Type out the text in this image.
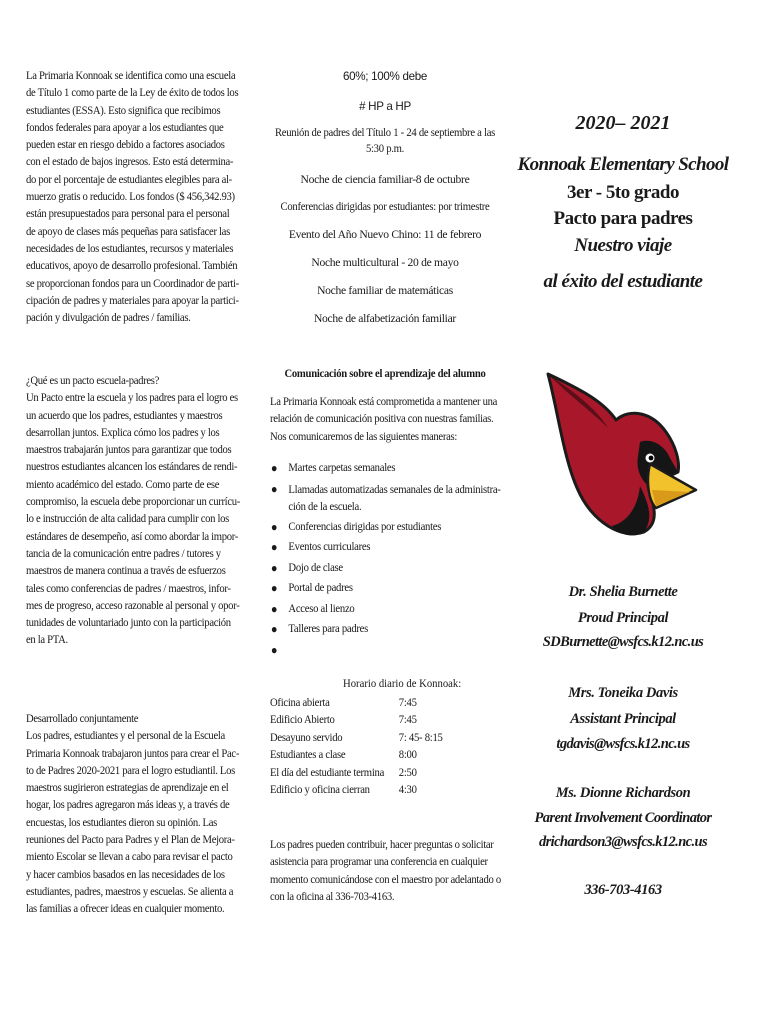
La Primaria Konnoak se identifica como una escuela
de Título 1 como parte de la Ley de éxito de todos los
estudiantes (ESSA). Esto significa que recibimos
fondos federales para apoyar a los estudiantes que
pueden estar en riesgo debido a factores asociados
con el estado de bajos ingresos. Esto está determina-
do por el porcentaje de estudiantes elegibles para al-
muerzo gratis o reducido. Los fondos ($ 456,342.93)
están presupuestados para personal para el personal
de apoyo de clases más pequeñas para satisfacer las
necesidades de los estudiantes, recursos y materiales
educativos, apoyo de desarrollo profesional. También
se proporcionan fondos para un Coordinador de parti-
cipación de padres y materiales para apoyar la partici-
pación y divulgación de padres / familias.
¿Qué es un pacto escuela-padres?
Un Pacto entre la escuela y los padres para el logro es
un acuerdo que los padres, estudiantes y maestros
desarrollan juntos. Explica cómo los padres y los
maestros trabajarán juntos para garantizar que todos
nuestros estudiantes alcancen los estándares de rendi-
miento académico del estado. Como parte de ese
compromiso, la escuela debe proporcionar un currícu-
lo e instrucción de alta calidad para cumplir con los
estándares de desempeño, así como abordar la impor-
tancia de la comunicación entre padres / tutores y
maestros de manera continua a través de esfuerzos
tales como conferencias de padres / maestros, infor-
mes de progreso, acceso razonable al personal y opor-
tunidades de voluntariado junto con la participación
en la PTA.
Desarrollado conjuntamente
Los padres, estudiantes y el personal de la Escuela
Primaria Konnoak trabajaron juntos para crear el Pac-
to de Padres 2020-2021 para el logro estudiantil. Los
maestros sugirieron estrategias de aprendizaje en el
hogar, los padres agregaron más ideas y, a través de
encuestas, los estudiantes dieron su opinión. Las
reuniones del Pacto para Padres y el Plan de Mejora-
miento Escolar se llevan a cabo para revisar el pacto
y hacer cambios basados en las necesidades de los
estudiantes, padres, maestros y escuelas. Se alienta a
las familias a ofrecer ideas en cualquier momento.
60%; 100% debe
# HP a HP
Reunión de padres del Título 1 - 24 de septiembre a las
5:30 p.m.
Noche de ciencia familiar-8 de octubre
Conferencias dirigidas por estudiantes: por trimestre
Evento del Año Nuevo Chino: 11 de febrero
Noche multicultural - 20 de mayo
Noche familiar de matemáticas
Noche de alfabetización familiar
Comunicación sobre el aprendizaje del alumno
La Primaria Konnoak está comprometida a mantener una
relación de comunicación positiva con nuestras familias.
Nos comunicaremos de las siguientes maneras:
● Martes carpetas semanales
● Llamadas automatizadas semanales de la administra-
ción de la escuela.
● Conferencias dirigidas por estudiantes
● Eventos curriculares
● Dojo de clase
● Portal de padres
● Acceso al lienzo
● Talleres para padres
●
Horario diario de Konnoak:
Oficina abierta	7:45
Edificio Abierto	7:45
Desayuno servido	7: 45- 8:15
Estudiantes a clase	8:00
El día del estudiante termina	2:50
Edificio y oficina cierran	4:30
Los padres pueden contribuir, hacer preguntas o solicitar
asistencia para programar una conferencia en cualquier
momento comunicándose con el maestro por adelantado o
con la oficina al 336-703-4163.
2020– 2021
Konnoak Elementary School
3er - 5to grado
Pacto para padres
Nuestro viaje
al éxito del estudiante
Dr. Shelia Burnette
Proud Principal
SDBurnette@wsfcs.k12.nc.us
Mrs. Toneika Davis
Assistant Principal
tgdavis@wsfcs.k12.nc.us
Ms. Dionne Richardson
Parent Involvement Coordinator
drichardson3@wsfcs.k12.nc.us
336-703-4163
